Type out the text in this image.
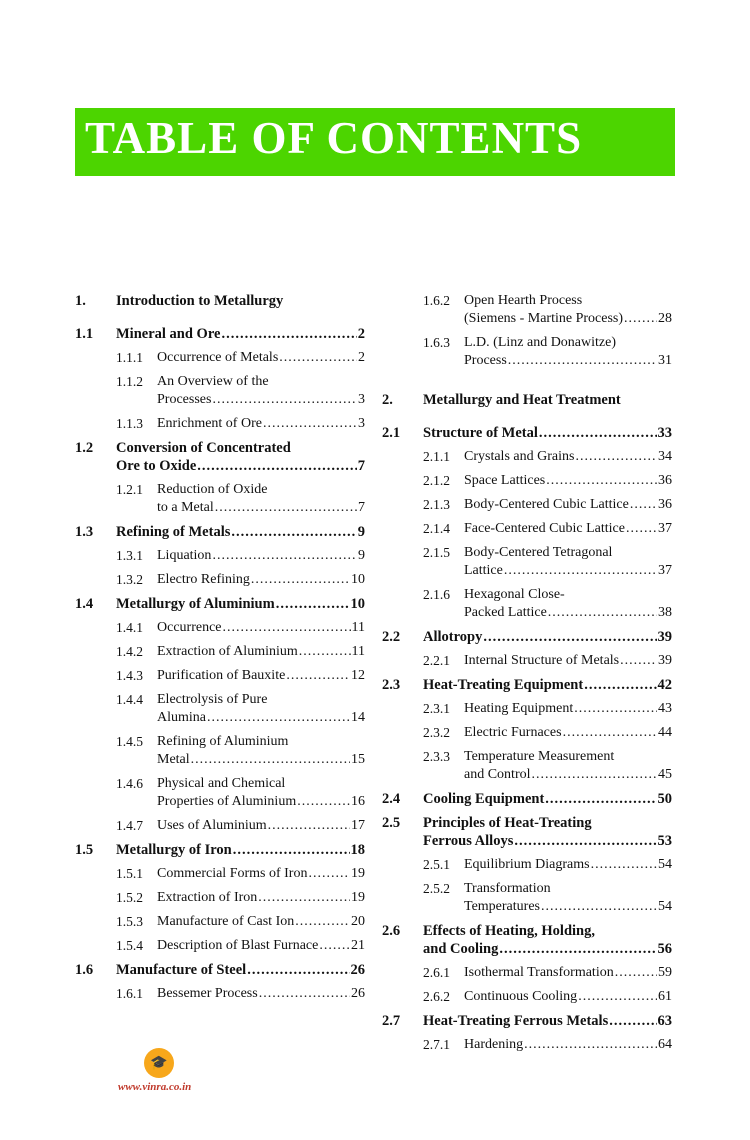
TABLE OF CONTENTS
1. Introduction to Metallurgy
1.1 Mineral and Ore .....	2
1.1.1 Occurrence of Metals .....	2
1.1.2 An Overview of the
Processes .....	3
1.1.3 Enrichment of Ore .....	3
1.2 Conversion of Concentrated
Ore to Oxide .....	7
1.2.1 Reduction of Oxide
to a Metal .....	7
1.3 Refining of Metals .....	9
1.3.1 Liquation .....	9
1.3.2 Electro Refining .....	10
1.4 Metallurgy of Aluminium .....	10
1.4.1 Occurrence .....	11
1.4.2 Extraction of Aluminium .....	11
1.4.3 Purification of Bauxite .....	12
1.4.4 Electrolysis of Pure
Alumina .....	14
1.4.5 Refining of Aluminium
Metal .....	15
1.4.6 Physical and Chemical
Properties of Aluminium .....	16
1.4.7 Uses of Aluminium .....	17
1.5 Metallurgy of Iron .....	18
1.5.1 Commercial Forms of Iron .....	19
1.5.2 Extraction of Iron .....	19
1.5.3 Manufacture of Cast Ion .....	20
1.5.4 Description of Blast Furnace ..... 21
1.6 Manufacture of Steel .....	26
1.6.1 Bessemer Process .....	26
1.6.2 Open Hearth Process
(Siemens - Martine Process) ..... 28
1.6.3 L.D. (Linz and Donawitze)
Process .....	31
2. Metallurgy and Heat Treatment
2.1 Structure of Metal .....	33
2.1.1 Crystals and Grains .....	34
2.1.2 Space Lattices .....	36
2.1.3 Body-Centered Cubic Lattice ..... 36
2.1.4 Face-Centered Cubic Lattice ..... 37
2.1.5 Body-Centered Tetragonal
Lattice .....	37
2.1.6 Hexagonal Close-
Packed Lattice .....	38
2.2 Allotropy .....	39
2.2.1 Internal Structure of Metals .....	39
2.3 Heat-Treating Equipment .....	42
2.3.1 Heating Equipment .....	43
2.3.2 Electric Furnaces .....	44
2.3.3 Temperature Measurement
and Control .....	45
2.4 Cooling Equipment .....	50
2.5 Principles of Heat-Treating
Ferrous Alloys .....	53
2.5.1 Equilibrium Diagrams .....	54
2.5.2 Transformation
Temperatures .....	54
2.6 Effects of Heating, Holding,
and Cooling .....	56
2.6.1 Isothermal Transformation .....	59
2.6.2 Continuous Cooling .....	61
2.7 Heat-Treating Ferrous Metals .....	63
2.7.1 Hardening .....	64
🎓
www.vinra.co.in
